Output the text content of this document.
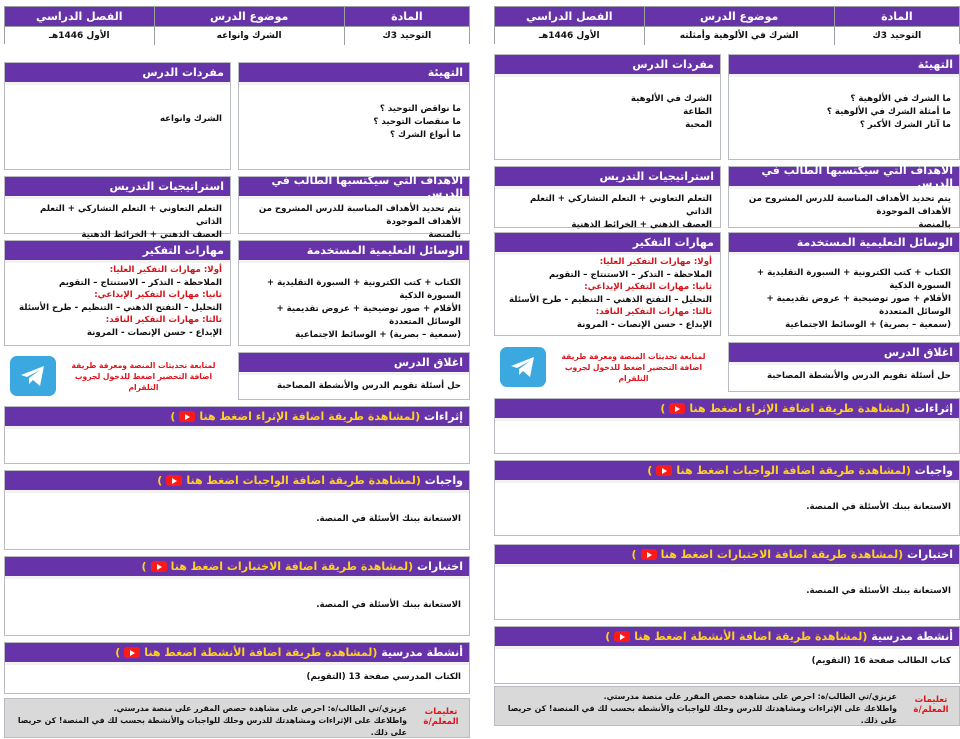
المادة
موضوع الدرس
الفصل الدراسي
التوحيد 3ك
الشرك في الألوهية وأمثلته
الأول 1446هـ
التهيئة
ما الشرك في الألوهية ؟
ما أمثلة الشرك في الألوهية ؟
ما آثار الشرك الأكبر ؟
مفردات الدرس
الشرك في الألوهية
الطاعة
المحبة
الأهداف التي سيكتسبها الطالب في الدرس
يتم تحديد الأهداف المناسبة للدرس المشروح من الأهداف الموجودة
بالمنصة
استراتيجيات التدريس
التعلم التعاوني + التعلم التشاركي + التعلم الذاتي
العصف الذهني + الخرائط الذهنية
الوسائل التعليمية المستخدمة
الكتاب + كتب الكترونية + السبورة التقليدية + السبورة الذكية
الأقلام + صور توضيحية + عروض تقديمية + الوسائل المتعددة
(سمعية – بصرية) + الوسائط الاجتماعية
مهارات التفكير
أولا: مهارات التفكير العليا:
الملاحظة – التذكر – الاستنتاج – التقويم
ثانيا: مهارات التفكير الإبداعي:
التحليل – التفتح الذهني – التنظيم - طرح الأسئلة
ثالثا: مهارات التفكير الناقد:
الإبداع - حسن الإنصات - المرونة
اغلاق الدرس
حل أسئلة تقويم الدرس والأنشطة المصاحبة
لمتابعة تحديثات المنصة ومعرفة طريقة اضافة التحضير اضغط للدخول لجروب التلقرام
إثراءات

(لمشاهدة طريقة اضافة الإثراء اضغط هنا
)
واجبات

(لمشاهدة طريقة اضافة الواجبات اضغط هنا
)
الاستعانة ببنك الأسئلة في المنصة.
اختبارات

(لمشاهدة طريقة اضافة الاختبارات اضغط هنا
)
الاستعانة ببنك الأسئلة في المنصة.
أنشطة مدرسية

(لمشاهدة طريقة اضافة الأنشطة اضغط هنا
)
كتاب الطالب صفحة 16 (التقويم)
تعليمات المعلم/ة
عزيزي/تي الطالب/ة: احرص على مشاهدة حصص المقرر على منصة مدرستي.
واطلاعك على الإثراءات ومشاهدتك للدرس وحلك للواجبات والأنشطة بحسب لك في المنصة! كن حريصا على ذلك.
المادة
موضوع الدرس
الفصل الدراسي
التوحيد 3ك
الشرك وانواعه
الأول 1446هـ
التهيئة
ما نواقض التوحيد ؟
ما منقصات التوحيد ؟
ما أنواع الشرك ؟
مفردات الدرس
الشرك وانواعه
الأهداف التي سيكتسبها الطالب في الدرس
يتم تحديد الأهداف المناسبة للدرس المشروح من الأهداف الموجودة
بالمنصة
استراتيجيات التدريس
التعلم التعاوني + التعلم التشاركي + التعلم الذاتي
العصف الذهني + الخرائط الذهنية
الوسائل التعليمية المستخدمة
الكتاب + كتب الكترونية + السبورة التقليدية + السبورة الذكية
الأقلام + صور توضيحية + عروض تقديمية + الوسائل المتعددة
(سمعية – بصرية) + الوسائط الاجتماعية
مهارات التفكير
أولا: مهارات التفكير العليا:
الملاحظة – التذكر – الاستنتاج – التقويم
ثانيا: مهارات التفكير الإبداعي:
التحليل – التفتح الذهني – التنظيم - طرح الأسئلة
ثالثا: مهارات التفكير الناقد:
الإبداع - حسن الإنصات - المرونة
اغلاق الدرس
حل أسئلة تقويم الدرس والأنشطة المصاحبة
لمتابعة تحديثات المنصة ومعرفة طريقة اضافة التحضير اضغط للدخول لجروب التلقرام
إثراءات

(لمشاهدة طريقة اضافة الإثراء اضغط هنا
)
واجبات

(لمشاهدة طريقة اضافة الواجبات اضغط هنا
)
الاستعانة ببنك الأسئلة في المنصة.
اختبارات

(لمشاهدة طريقة اضافة الاختبارات اضغط هنا
)
الاستعانة ببنك الأسئلة في المنصة.
أنشطة مدرسية

(لمشاهدة طريقة اضافة الأنشطة اضغط هنا
)
الكتاب المدرسي صفحة 13 (التقويم)
تعليمات المعلم/ة
عزيزي/تي الطالب/ة: احرص على مشاهدة حصص المقرر على منصة مدرستي.
واطلاعك على الإثراءات ومشاهدتك للدرس وحلك للواجبات والأنشطة بحسب لك في المنصة! كن حريصا على ذلك.
